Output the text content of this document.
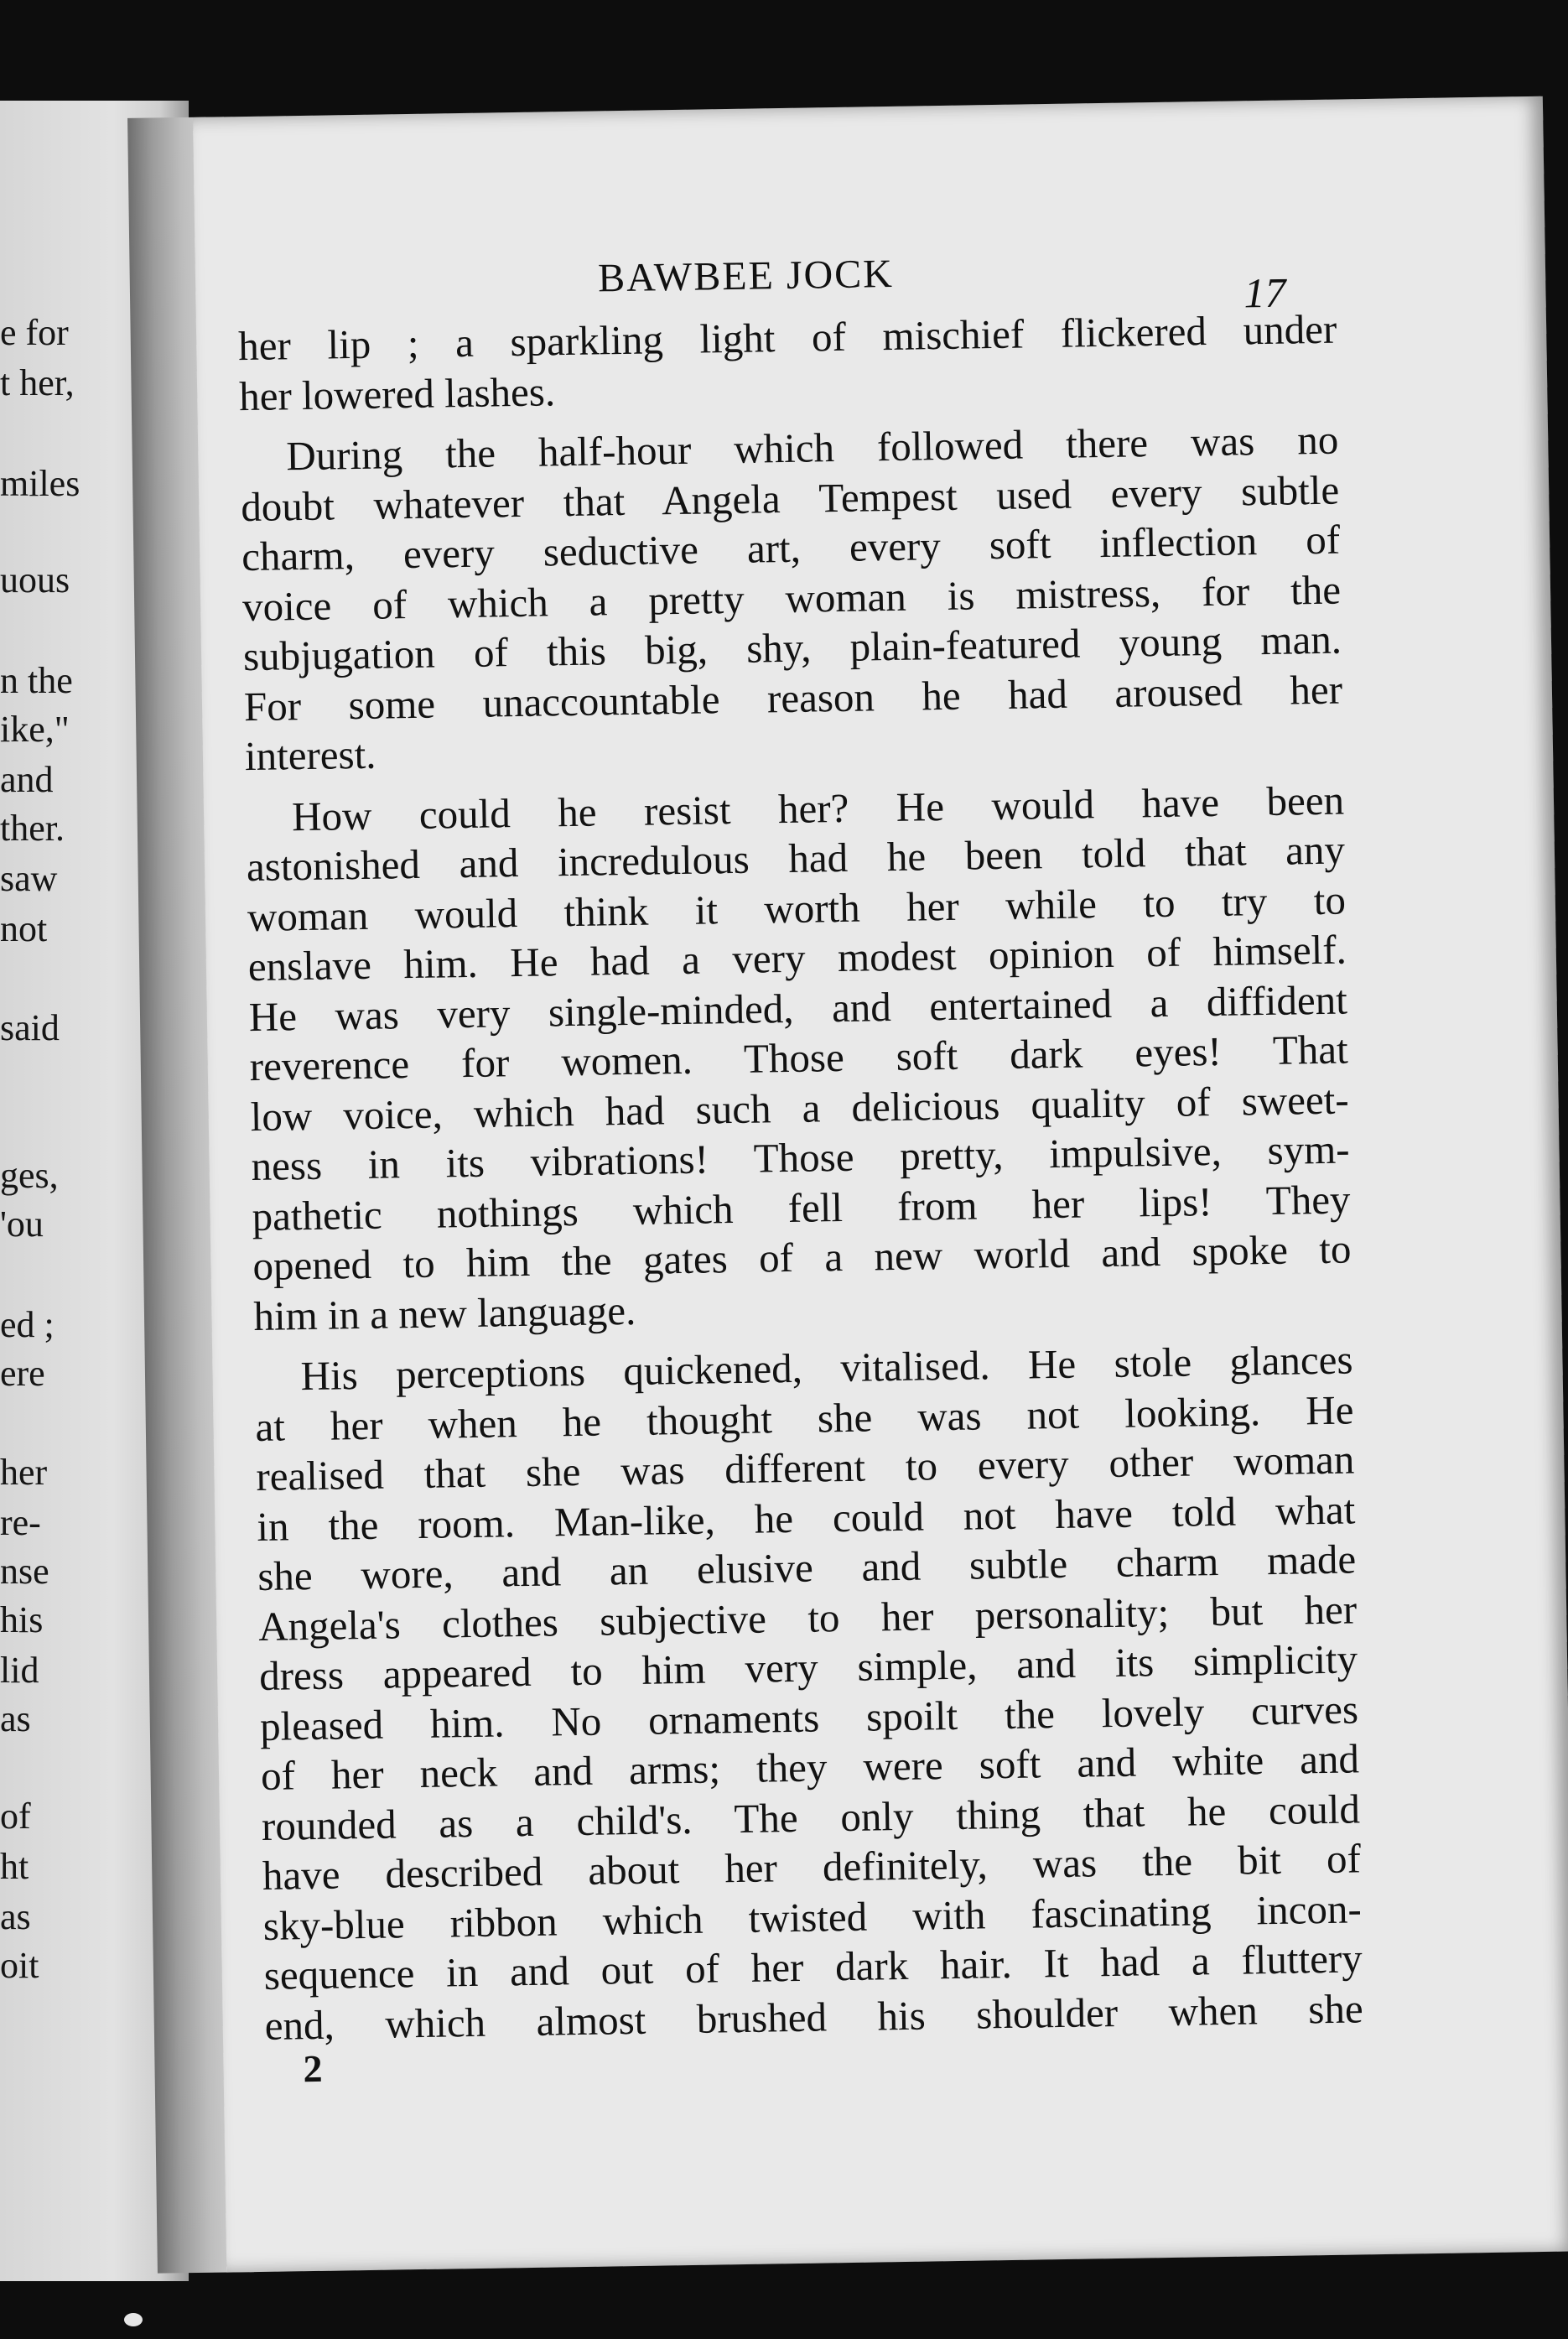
e for
t her,
miles
uous
n the
ike,"
and
ther.
saw
not
said
ges,
'ou
ed ;
ere
her
re-
nse
his
lid
as
of
ht
as
oit
BAWBEE JOCK	17
her lip ; a sparkling light of mischief flickered under
her lowered lashes.
During the half-hour which followed there was no
doubt whatever that Angela Tempest used every subtle
charm, every seductive art, every soft inflection of
voice of which a pretty woman is mistress, for the
subjugation of this big, shy, plain-featured young man.
For some unaccountable reason he had aroused her
interest.
How could he resist her? He would have been
astonished and incredulous had he been told that any
woman would think it worth her while to try to
enslave him. He had a very modest opinion of himself.
He was very single-minded, and entertained a diffident
reverence for women. Those soft dark eyes! That
low voice, which had such a delicious quality of sweet-
ness in its vibrations! Those pretty, impulsive, sym-
pathetic nothings which fell from her lips! They
opened to him the gates of a new world and spoke to
him in a new language.
His perceptions quickened, vitalised. He stole glances
at her when he thought she was not looking. He
realised that she was different to every other woman
in the room. Man-like, he could not have told what
she wore, and an elusive and subtle charm made
Angela's clothes subjective to her personality; but her
dress appeared to him very simple, and its simplicity
pleased him. No ornaments spoilt the lovely curves
of her neck and arms; they were soft and white and
rounded as a child's. The only thing that he could
have described about her definitely, was the bit of
sky-blue ribbon which twisted with fascinating incon-
sequence in and out of her dark hair. It had a fluttery
end, which almost brushed his shoulder when she
2
